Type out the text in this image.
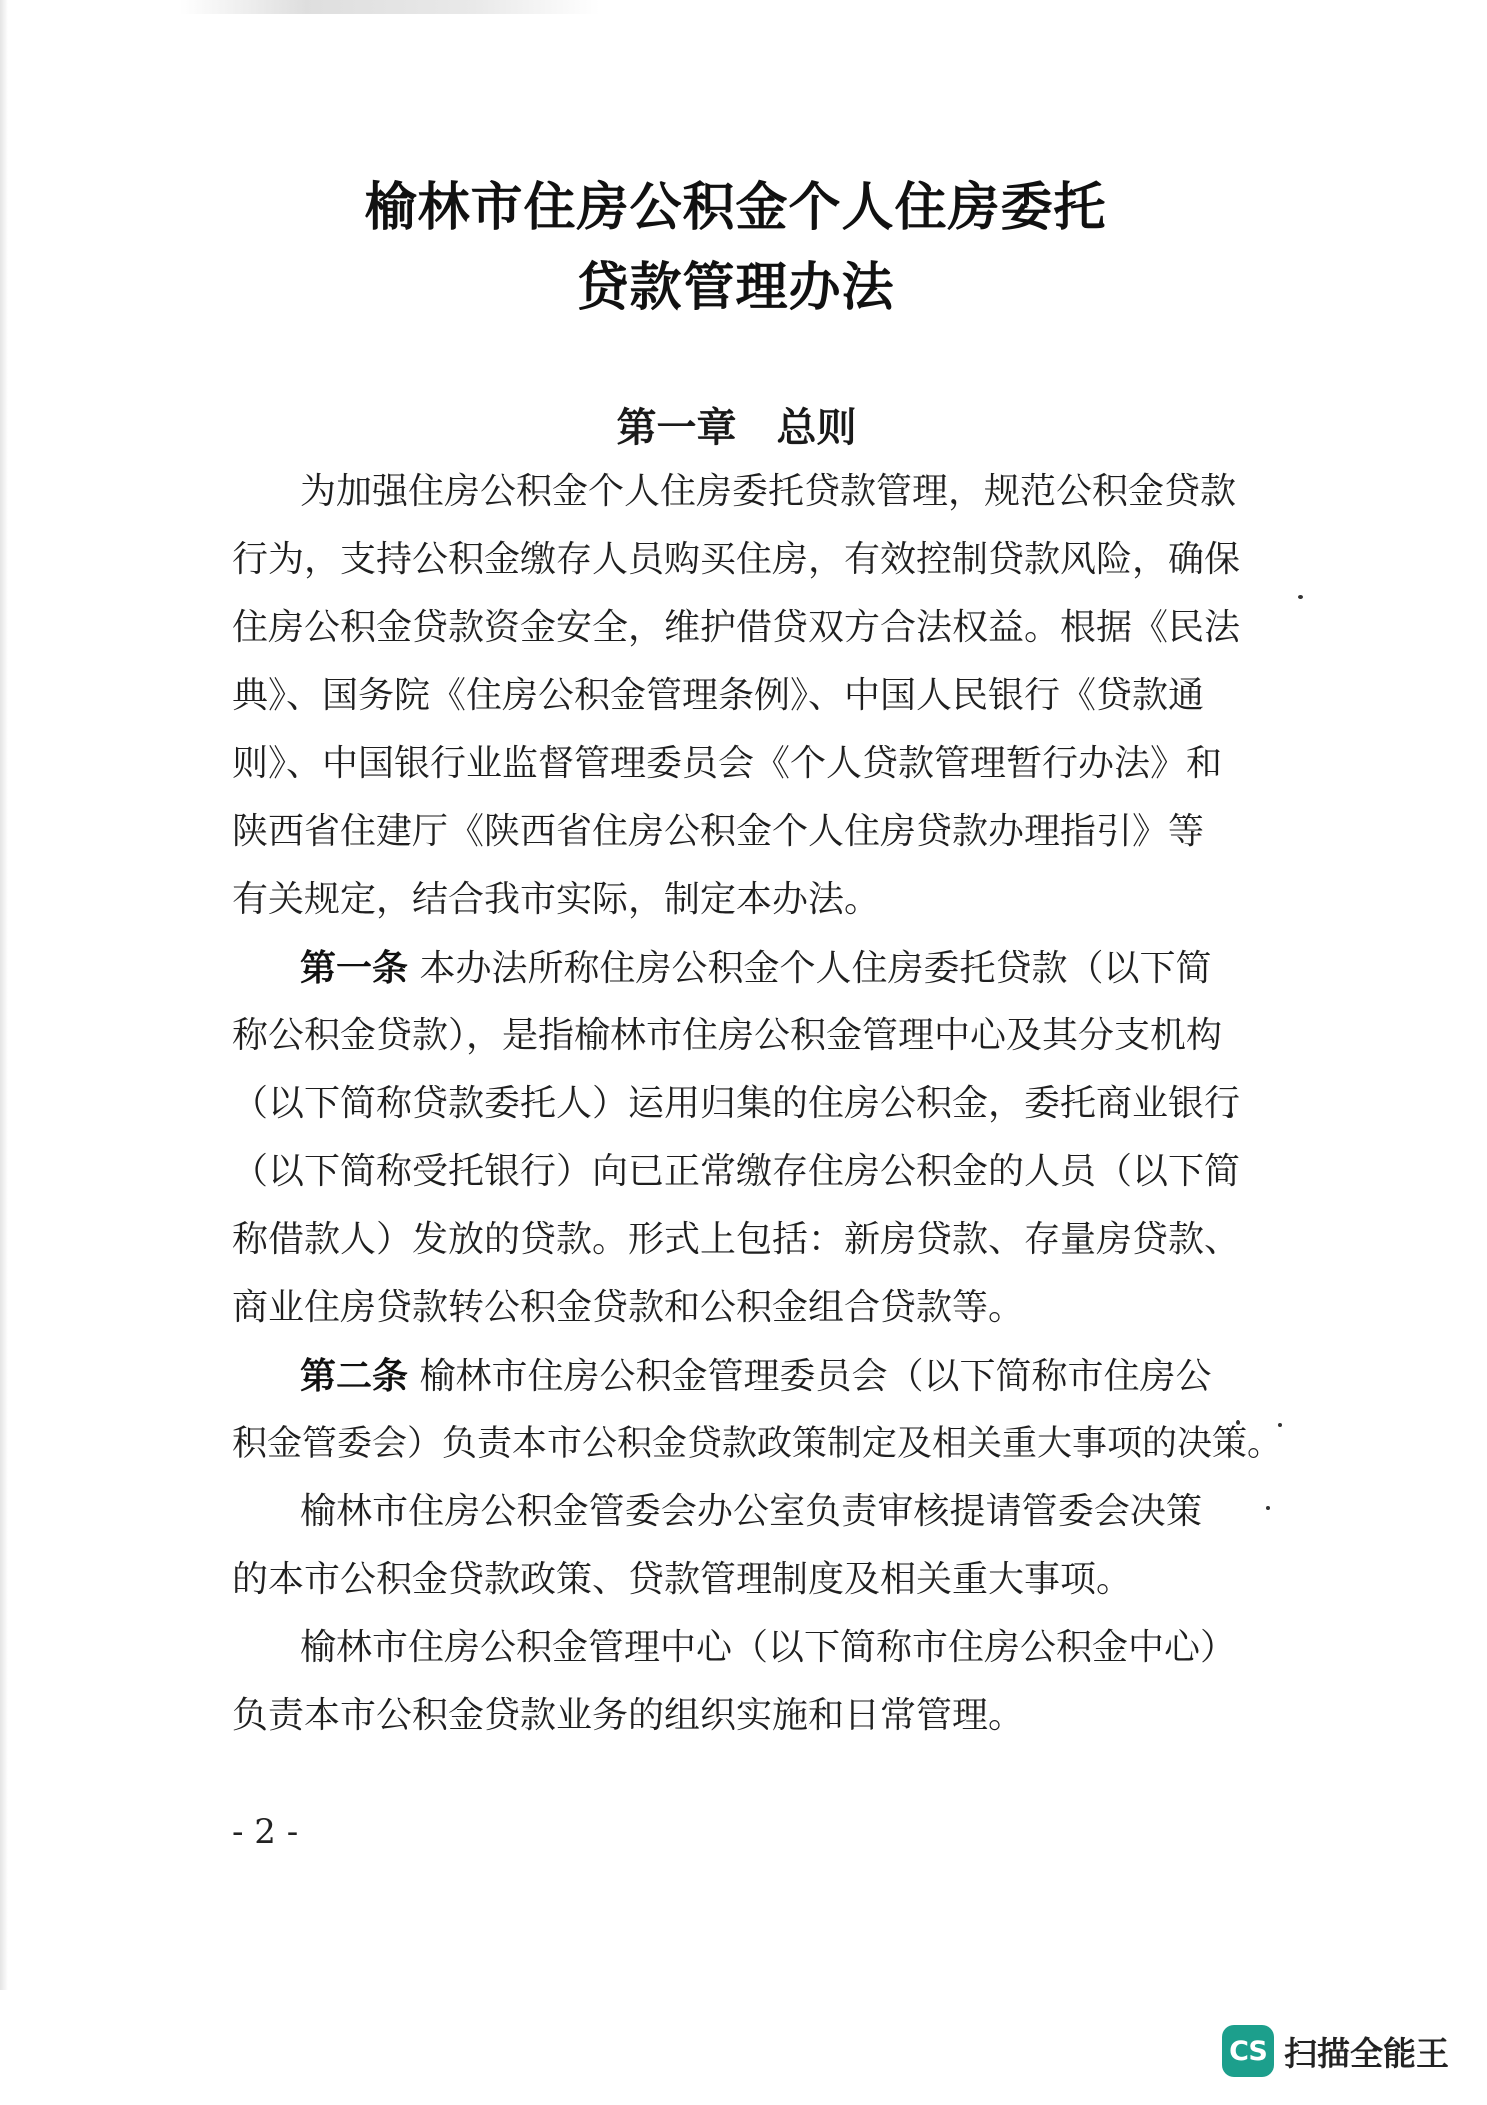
榆林市住房公积金个人住房委托
贷款管理办法
第一章　总则
为加强住房公积金个人住房委托贷款管理，规范公积金贷款
行为，支持公积金缴存人员购买住房，有效控制贷款风险，确保
住房公积金贷款资金安全，维护借贷双方合法权益。根据《民法
典》、国务院《住房公积金管理条例》、中国人民银行《贷款通
则》、中国银行业监督管理委员会《个人贷款管理暂行办法》和
陕西省住建厅《陕西省住房公积金个人住房贷款办理指引》等
有关规定，结合我市实际，制定本办法。
第一条 本办法所称住房公积金个人住房委托贷款（以下简
称公积金贷款），是指榆林市住房公积金管理中心及其分支机构
（以下简称贷款委托人）运用归集的住房公积金，委托商业银行
（以下简称受托银行）向已正常缴存住房公积金的人员（以下简
称借款人）发放的贷款。形式上包括：新房贷款、存量房贷款、
商业住房贷款转公积金贷款和公积金组合贷款等。
第二条 榆林市住房公积金管理委员会（以下简称市住房公
积金管委会）负责本市公积金贷款政策制定及相关重大事项的决策。
榆林市住房公积金管委会办公室负责审核提请管委会决策
的本市公积金贷款政策、贷款管理制度及相关重大事项。
榆林市住房公积金管理中心（以下简称市住房公积金中心）
负责本市公积金贷款业务的组织实施和日常管理。
- 2 -
CS 扫描全能王
